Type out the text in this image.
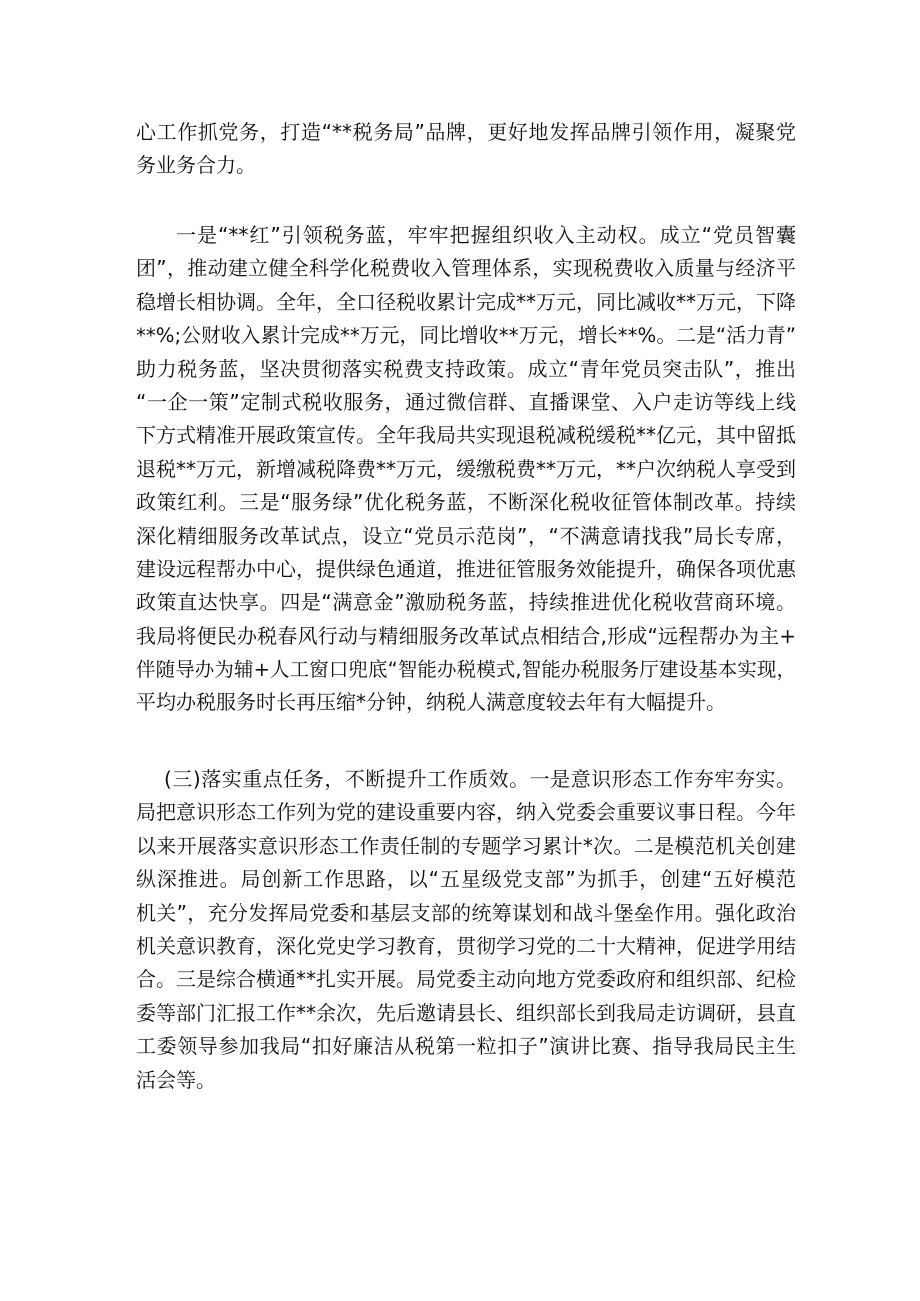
心工作抓党务，打造“**税务局”品牌，更好地发挥品牌引领作用，凝聚党
务业务合力。
一是“**红”引领税务蓝，牢牢把握组织收入主动权。成立“党员智囊
团”，推动建立健全科学化税费收入管理体系，实现税费收入质量与经济平
稳增长相协调。全年，全口径税收累计完成**万元，同比减收**万元，下降
**%;公财收入累计完成**万元，同比增收**万元，增长**%。二是“活力青”
助力税务蓝，坚决贯彻落实税费支持政策。成立“青年党员突击队”，推出
“一企一策”定制式税收服务，通过微信群、直播课堂、入户走访等线上线
下方式精准开展政策宣传。全年我局共实现退税减税缓税**亿元，其中留抵
退税**万元，新增减税降费**万元，缓缴税费**万元，**户次纳税人享受到
政策红利。三是“服务绿”优化税务蓝，不断深化税收征管体制改革。持续
深化精细服务改革试点，设立“党员示范岗”，“不满意请找我”局长专席，
建设远程帮办中心，提供绿色通道，推进征管服务效能提升，确保各项优惠
政策直达快享。四是“满意金”激励税务蓝，持续推进优化税收营商环境。
我局将便民办税春风行动与精细服务改革试点相结合,形成“远程帮办为主+
伴随导办为辅+人工窗口兜底“智能办税模式,智能办税服务厅建设基本实现，
平均办税服务时长再压缩*分钟，纳税人满意度较去年有大幅提升。
(三)落实重点任务，不断提升工作质效。一是意识形态工作夯牢夯实。
局把意识形态工作列为党的建设重要内容，纳入党委会重要议事日程。今年
以来开展落实意识形态工作责任制的专题学习累计*次。二是模范机关创建
纵深推进。局创新工作思路，以“五星级党支部”为抓手，创建“五好模范
机关”，充分发挥局党委和基层支部的统筹谋划和战斗堡垒作用。强化政治
机关意识教育，深化党史学习教育，贯彻学习党的二十大精神，促进学用结
合。三是综合横通**扎实开展。局党委主动向地方党委政府和组织部、纪检
委等部门汇报工作**余次，先后邀请县长、组织部长到我局走访调研，县直
工委领导参加我局“扣好廉洁从税第一粒扣子”演讲比赛、指导我局民主生
活会等。
